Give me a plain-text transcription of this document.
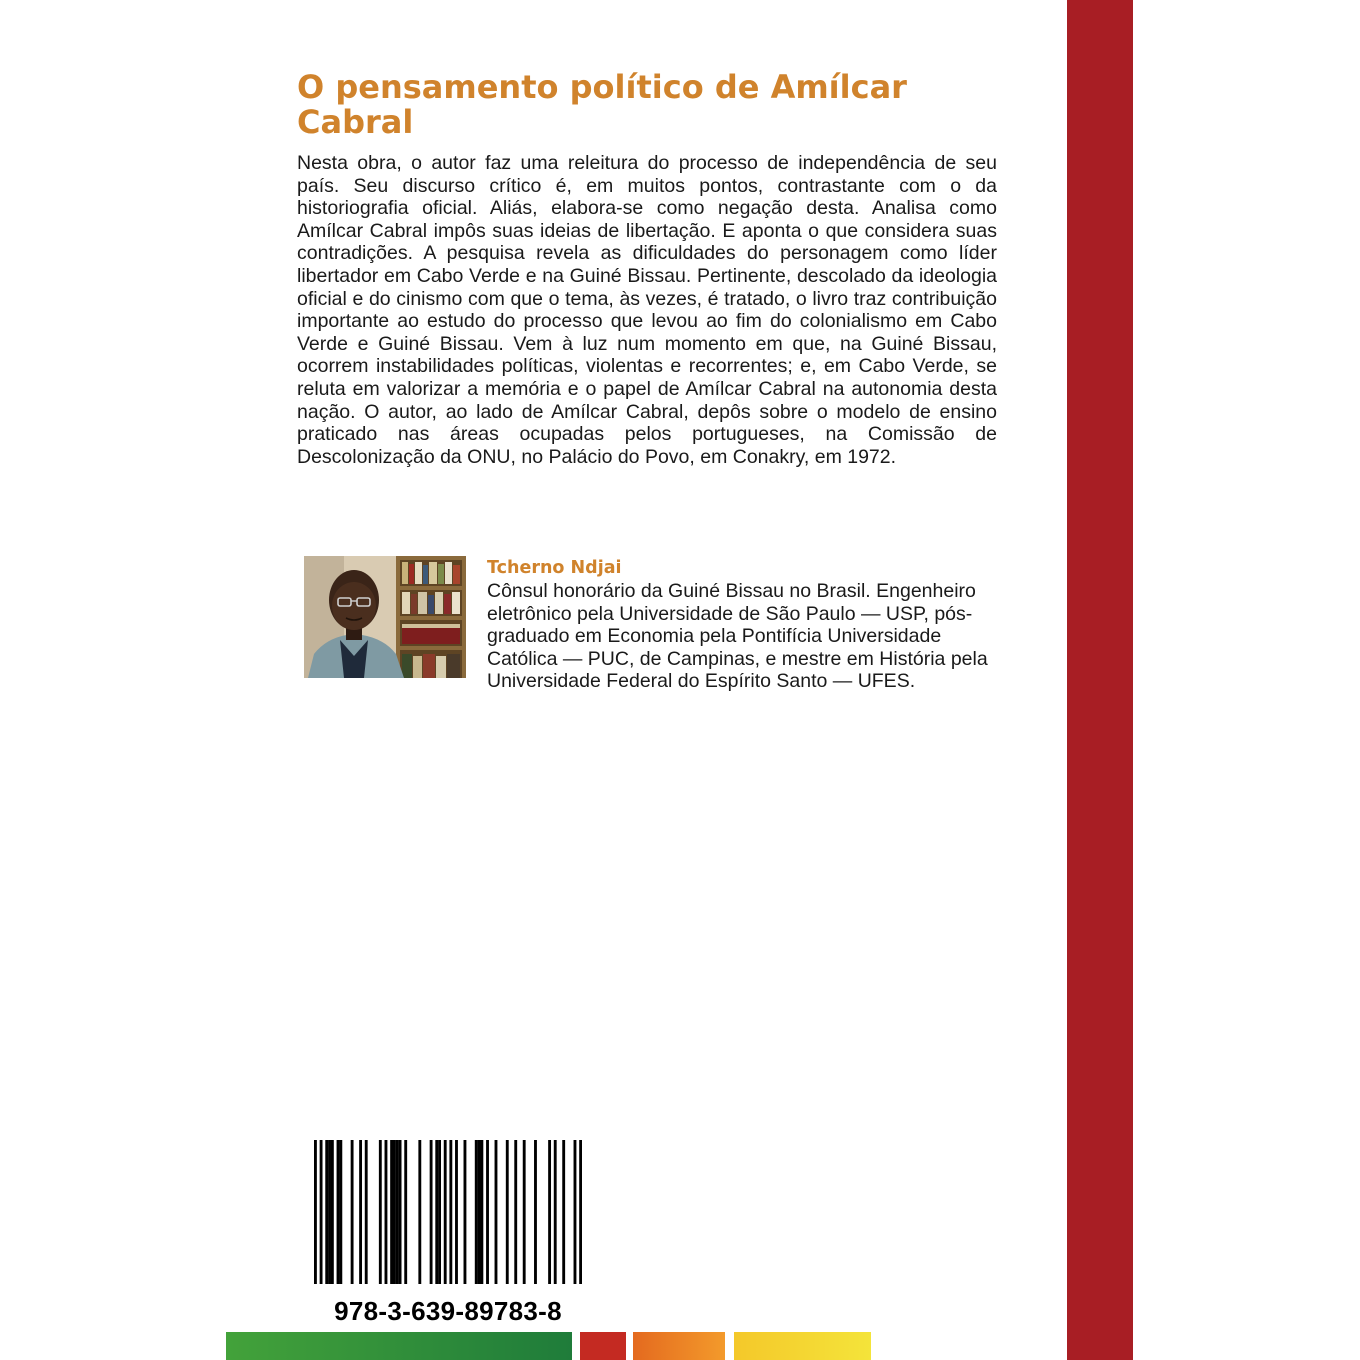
O pensamento político de Amílcar Cabral

Nesta obra, o autor faz uma releitura do processo de independência de seu país. Seu discurso crítico é, em muitos pontos, contrastante com o da historiografia oficial. Aliás, elabora-se como negação desta. Analisa como Amílcar Cabral impôs suas ideias de libertação. E aponta o que considera suas contradições. A pesquisa revela as dificuldades do personagem como líder libertador em Cabo Verde e na Guiné Bissau. Pertinente, descolado da ideologia oficial e do cinismo com que o tema, às vezes, é tratado, o livro traz contribuição importante ao estudo do processo que levou ao fim do colonialismo em Cabo Verde e Guiné Bissau. Vem à luz num momento em que, na Guiné Bissau, ocorrem instabilidades políticas, violentas e recorrentes; e, em Cabo Verde, se reluta em valorizar a memória e o papel de Amílcar Cabral na autonomia desta nação. O autor, ao lado de Amílcar Cabral, depôs sobre o modelo de ensino praticado nas áreas ocupadas pelos portugueses, na Comissão de Descolonização da ONU, no Palácio do Povo, em Conakry, em 1972.

Tcherno Ndjai

Cônsul honorário da Guiné Bissau no Brasil. Engenheiro eletrônico pela Universidade de São Paulo — USP, pós-graduado em Economia pela Pontifícia Universidade Católica — PUC, de Campinas, e mestre em História pela Universidade Federal do Espírito Santo — UFES.

978-3-639-89783-8
